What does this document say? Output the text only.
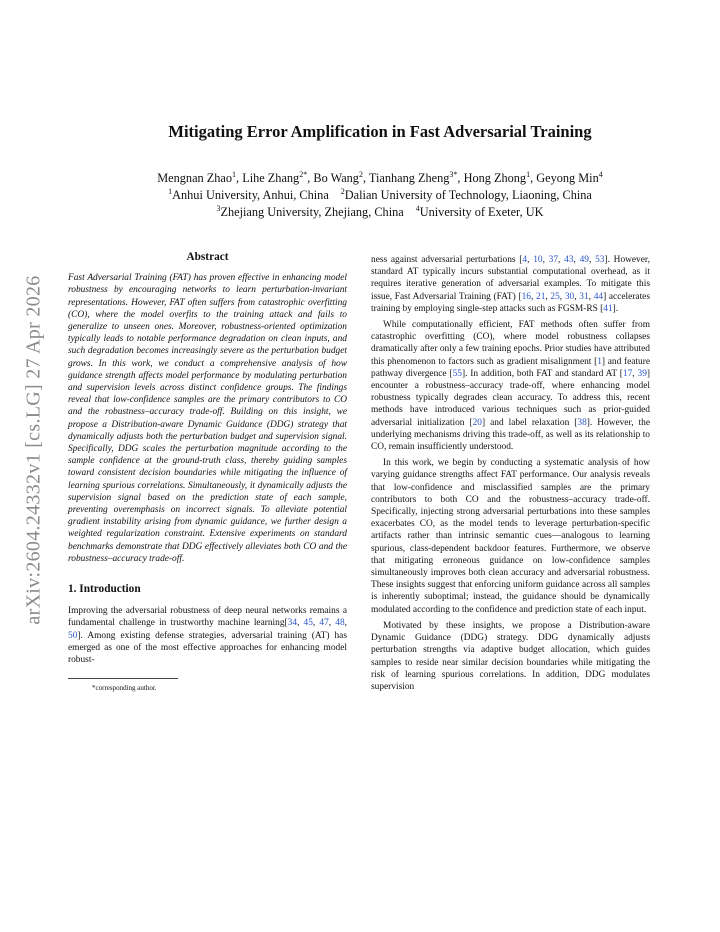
arXiv:2604.24332v1 [cs.LG] 27 Apr 2026
Mitigating Error Amplification in Fast Adversarial Training
Mengnan Zhao$^1$, Lihe Zhang$^{2*}$, Bo Wang$^2$, Tianhang Zheng$^{3*}$, Hong Zhong$^1$, Geyong Min$^4$
$^1$Anhui University, Anhui, China $^2$Dalian University of Technology, Liaoning, China
$^3$Zhejiang University, Zhejiang, China $^4$University of Exeter, UK
Abstract

Fast Adversarial Training (FAT) has proven effective in enhancing model robustness by encouraging networks to learn perturbation-invariant representations. However, FAT often suffers from catastrophic overfitting (CO), where the model overfits to the training attack and fails to generalize to unseen ones. Moreover, robustness-oriented optimization typically leads to notable performance degradation on clean inputs, and such degradation becomes increasingly severe as the perturbation budget grows. In this work, we conduct a comprehensive analysis of how guidance strength affects model performance by modulating perturbation and supervision levels across distinct confidence groups. The findings reveal that low-confidence samples are the primary contributors to CO and the robustness–accuracy trade-off. Building on this insight, we propose a Distribution-aware Dynamic Guidance (DDG) strategy that dynamically adjusts both the perturbation budget and supervision signal. Specifically, DDG scales the perturbation magnitude according to the sample confidence at the ground-truth class, thereby guiding samples toward consistent decision boundaries while mitigating the influence of learning spurious correlations. Simultaneously, it dynamically adjusts the supervision signal based on the prediction state of each sample, preventing overemphasis on incorrect signals. To alleviate potential gradient instability arising from dynamic guidance, we further design a weighted regularization constraint. Extensive experiments on standard benchmarks demonstrate that DDG effectively alleviates both CO and the robustness–accuracy trade-off.

1. Introduction

Improving the adversarial robustness of deep neural networks remains a fundamental challenge in trustworthy machine learning[34, 45, 47, 48, 50]. Among existing defense strategies, adversarial training (AT) has emerged as one of the most effective approaches for enhancing model robust-

*corresponding author.

ness against adversarial perturbations [4, 10, 37, 43, 49, 53]. However, standard AT typically incurs substantial computational overhead, as it requires iterative generation of adversarial examples. To mitigate this issue, Fast Adversarial Training (FAT) [16, 21, 25, 30, 31, 44] accelerates training by employing single-step attacks such as FGSM-RS [41].

While computationally efficient, FAT methods often suffer from catastrophic overfitting (CO), where model robustness collapses dramatically after only a few training epochs. Prior studies have attributed this phenomenon to factors such as gradient misalignment [1] and feature pathway divergence [55]. In addition, both FAT and standard AT [17, 39] encounter a robustness–accuracy trade-off, where enhancing model robustness typically degrades clean accuracy. To address this, recent methods have introduced various techniques such as prior-guided adversarial initialization [20] and label relaxation [38]. However, the underlying mechanisms driving this trade-off, as well as its relationship to CO, remain insufficiently understood.

In this work, we begin by conducting a systematic analysis of how varying guidance strengths affect FAT performance. Our analysis reveals that low-confidence and misclassified samples are the primary contributors to both CO and the robustness–accuracy trade-off. Specifically, injecting strong adversarial perturbations into these samples exacerbates CO, as the model tends to leverage perturbation-specific artifacts rather than intrinsic semantic cues—analogous to learning spurious, class-dependent backdoor features. Furthermore, we observe that mitigating erroneous guidance on low-confidence samples simultaneously improves both clean accuracy and adversarial robustness. These insights suggest that enforcing uniform guidance across all samples is inherently suboptimal; instead, the guidance should be dynamically modulated according to the confidence and prediction state of each input.

Motivated by these insights, we propose a Distribution-aware Dynamic Guidance (DDG) strategy. DDG dynamically adjusts perturbation strengths via adaptive budget allocation, which guides samples to reside near similar decision boundaries while mitigating the risk of learning spurious correlations. In addition, DDG modulates supervision
